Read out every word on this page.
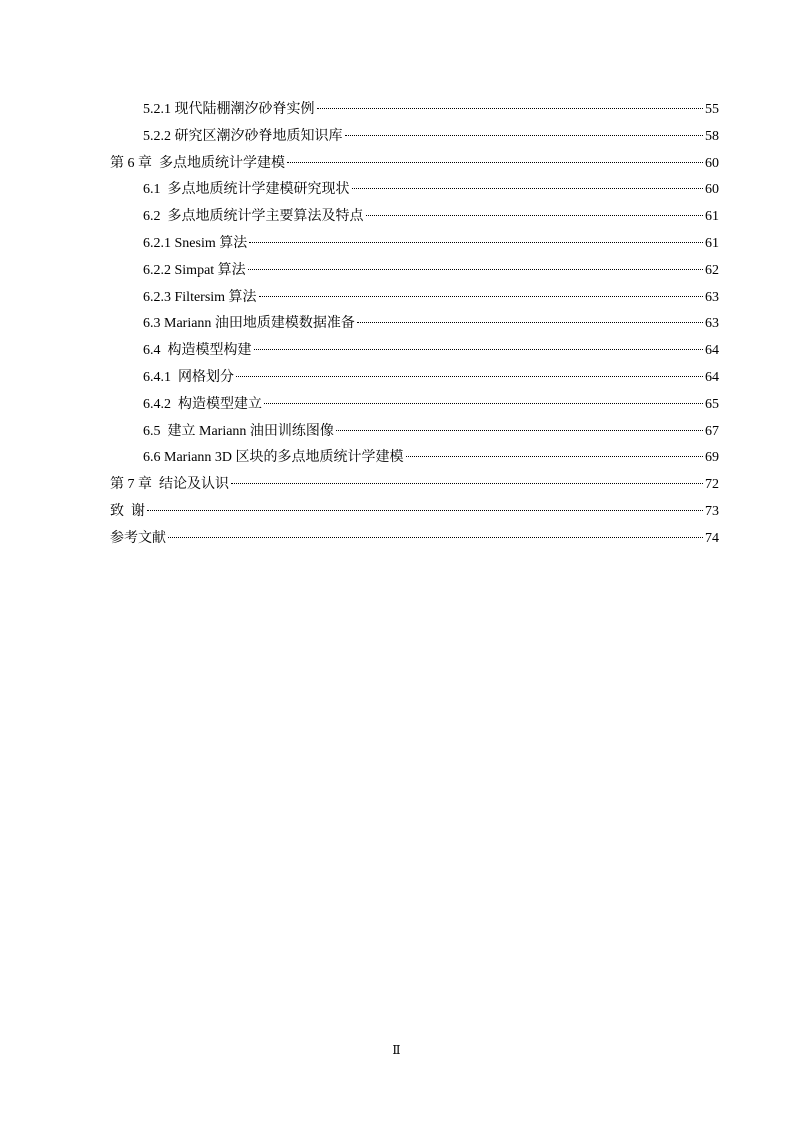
5.2.1 现代陆棚潮汐砂脊实例	55
5.2.2 研究区潮汐砂脊地质知识库	58
第 6 章  多点地质统计学建模	60
6.1  多点地质统计学建模研究现状	60
6.2  多点地质统计学主要算法及特点	61
6.2.1 Snesim 算法	61
6.2.2 Simpat 算法	62
6.2.3 Filtersim 算法	63
6.3 Mariann 油田地质建模数据准备	63
6.4  构造模型构建	64
6.4.1  网格划分	64
6.4.2  构造模型建立	65
6.5  建立 Mariann 油田训练图像	67
6.6 Mariann 3D 区块的多点地质统计学建模	69
第 7 章  结论及认识	72
致  谢	73
参考文献	74
Ⅱ
